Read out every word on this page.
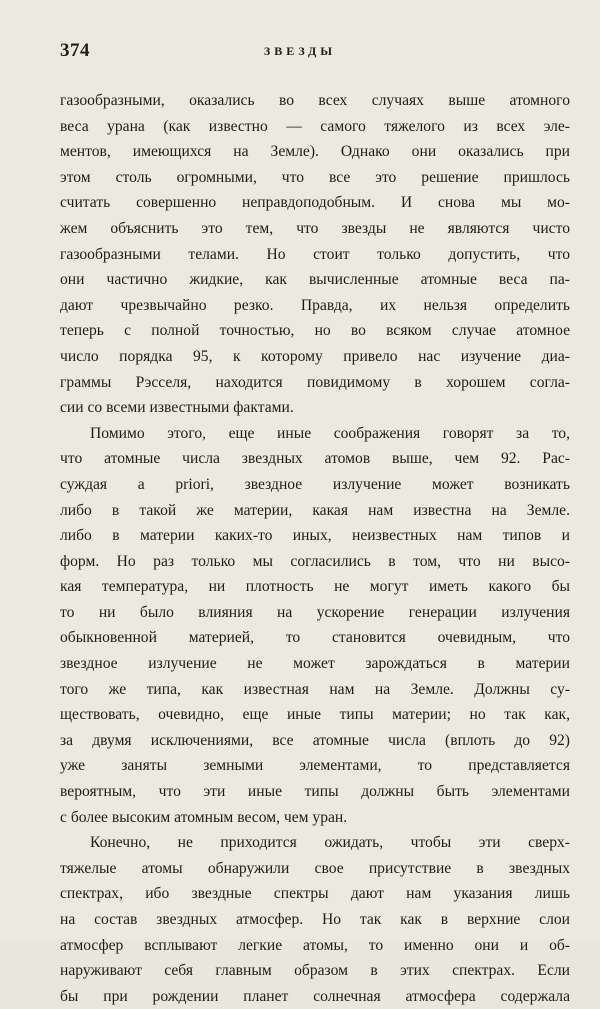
374	ЗВЕЗДЫ
газообразными, оказались во всех случаях выше атомного
веса урана (как известно — самого тяжелого из всех эле-
ментов, имеющихся на Земле). Однако они оказались при
этом столь огромными, что все это решение пришлось
считать совершенно неправдоподобным. И снова мы мо-
жем объяснить это тем, что звезды не являются чисто
газообразными телами. Но стоит только допустить, что
они частично жидкие, как вычисленные атомные веса па-
дают чрезвычайно резко. Правда, их нельзя определить
теперь с полной точностью, но во всяком случае атомное
число порядка 95, к которому привело нас изучение диа-
граммы Рэсселя, находится повидимому в хорошем согла-
сии со всеми известными фактами.
Помимо этого, еще иные соображения говорят за то,
что атомные числа звездных атомов выше, чем 92. Рас-
суждая a priori, звездное излучение может возникать
либо в такой же материи, какая нам известна на Земле.
либо в материи каких-то иных, неизвестных нам типов и
форм. Но раз только мы согласились в том, что ни высо-
кая температура, ни плотность не могут иметь какого бы
то ни было влияния на ускорение генерации излучения
обыкновенной материей, то становится очевидным, что
звездное излучение не может зарождаться в материи
того же типа, как известная нам на Земле. Должны су-
ществовать, очевидно, еще иные типы материи; но так как,
за двумя исключениями, все атомные числа (вплоть до 92)
уже заняты земными элементами, то представляется
вероятным, что эти иные типы должны быть элементами
с более высоким атомным весом, чем уран.
Конечно, не приходится ожидать, чтобы эти сверх-
тяжелые атомы обнаружили свое присутствие в звездных
спектрах, ибо звездные спектры дают нам указания лишь
на состав звездных атмосфер. Но так как в верхние слои
атмосфер всплывают легкие атомы, то именно они и об-
наруживают себя главным образом в этих спектрах. Если
бы при рождении планет солнечная атмосфера содержала
